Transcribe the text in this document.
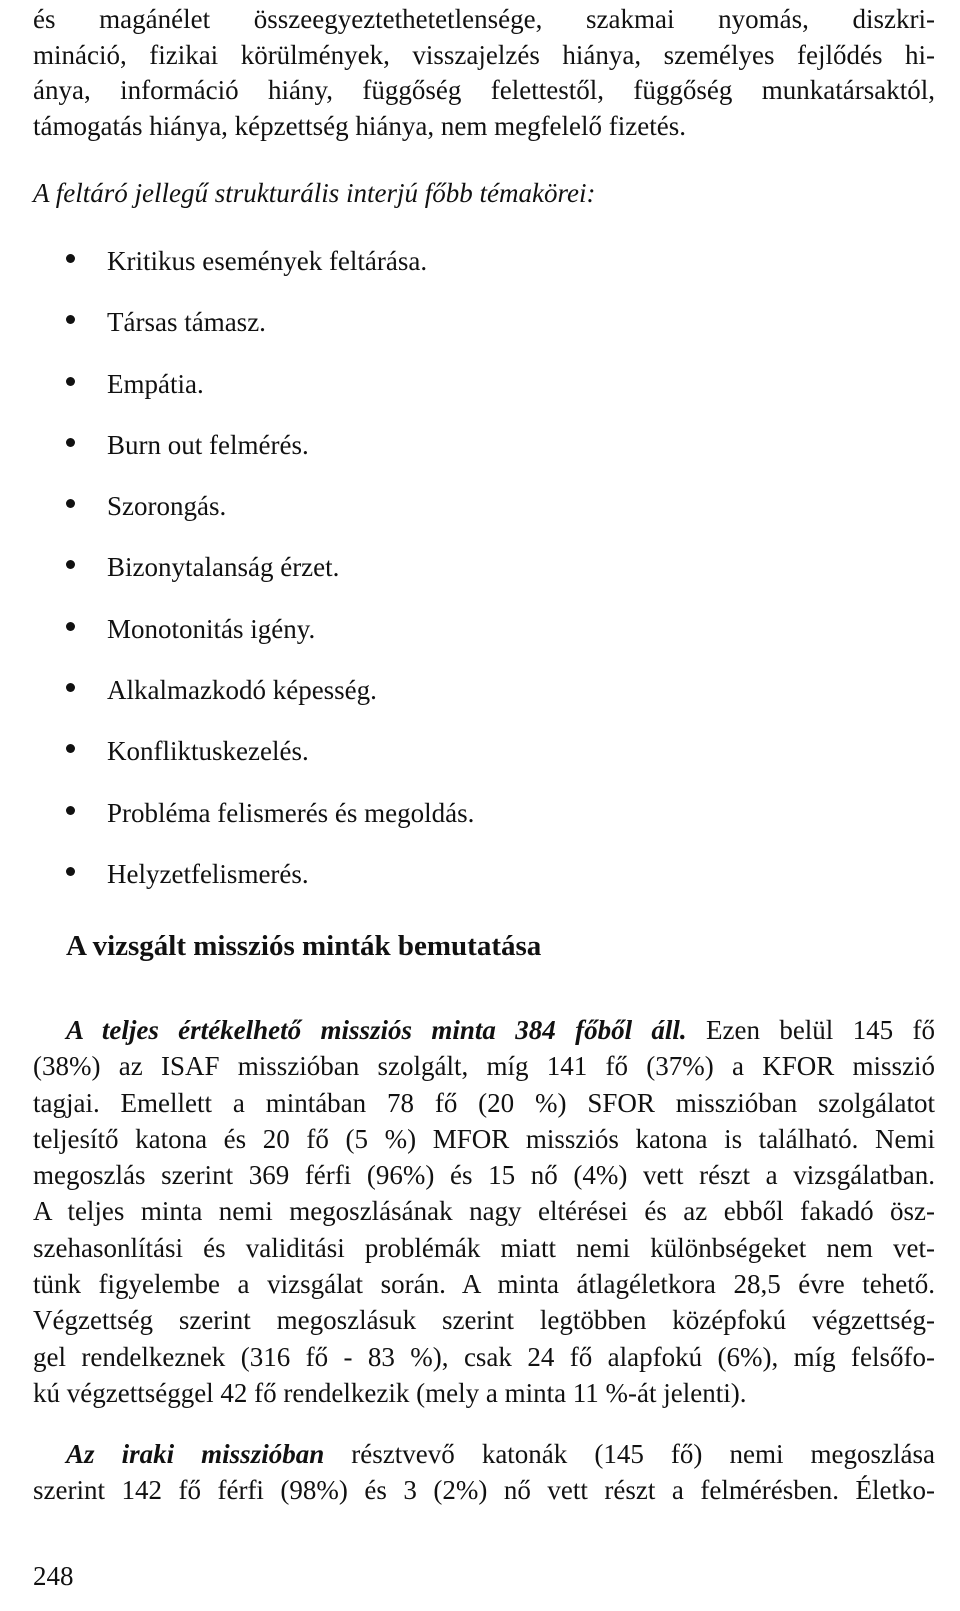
és magánélet összeegyeztethetetlensége, szakmai nyomás, diszkri-
mináció, fizikai körülmények, visszajelzés hiánya, személyes fejlődés hi-
ánya, információ hiány, függőség felettestől, függőség munkatársaktól,
támogatás hiánya, képzettség hiánya, nem megfelelő fizetés.
A feltáró jellegű strukturális interjú főbb témakörei:
Kritikus események feltárása.
Társas támasz.
Empátia.
Burn out felmérés.
Szorongás.
Bizonytalanság érzet.
Monotonitás igény.
Alkalmazkodó képesség.
Konfliktuskezelés.
Probléma felismerés és megoldás.
Helyzetfelismerés.
A vizsgált missziós minták bemutatása
A teljes értékelhető missziós minta 384 főből áll. Ezen belül 145 fő
(38%) az ISAF misszióban szolgált, míg 141 fő (37%) a KFOR misszió
tagjai. Emellett a mintában 78 fő (20 %) SFOR misszióban szolgálatot
teljesítő katona és 20 fő (5 %) MFOR missziós katona is található. Nemi
megoszlás szerint 369 férfi (96%) és 15 nő (4%) vett részt a vizsgálatban.
A teljes minta nemi megoszlásának nagy eltérései és az ebből fakadó ösz-
szehasonlítási és validitási problémák miatt nemi különbségeket nem vet-
tünk figyelembe a vizsgálat során. A minta átlagéletkora 28,5 évre tehető.
Végzettség szerint megoszlásuk szerint legtöbben középfokú végzettség-
gel rendelkeznek (316 fő - 83 %), csak 24 fő alapfokú (6%), míg felsőfo-
kú végzettséggel 42 fő rendelkezik (mely a minta 11 %-át jelenti).
Az iraki misszióban résztvevő katonák (145 fő) nemi megoszlása
szerint 142 fő férfi (98%) és 3 (2%) nő vett részt a felmérésben. Életko-
248
